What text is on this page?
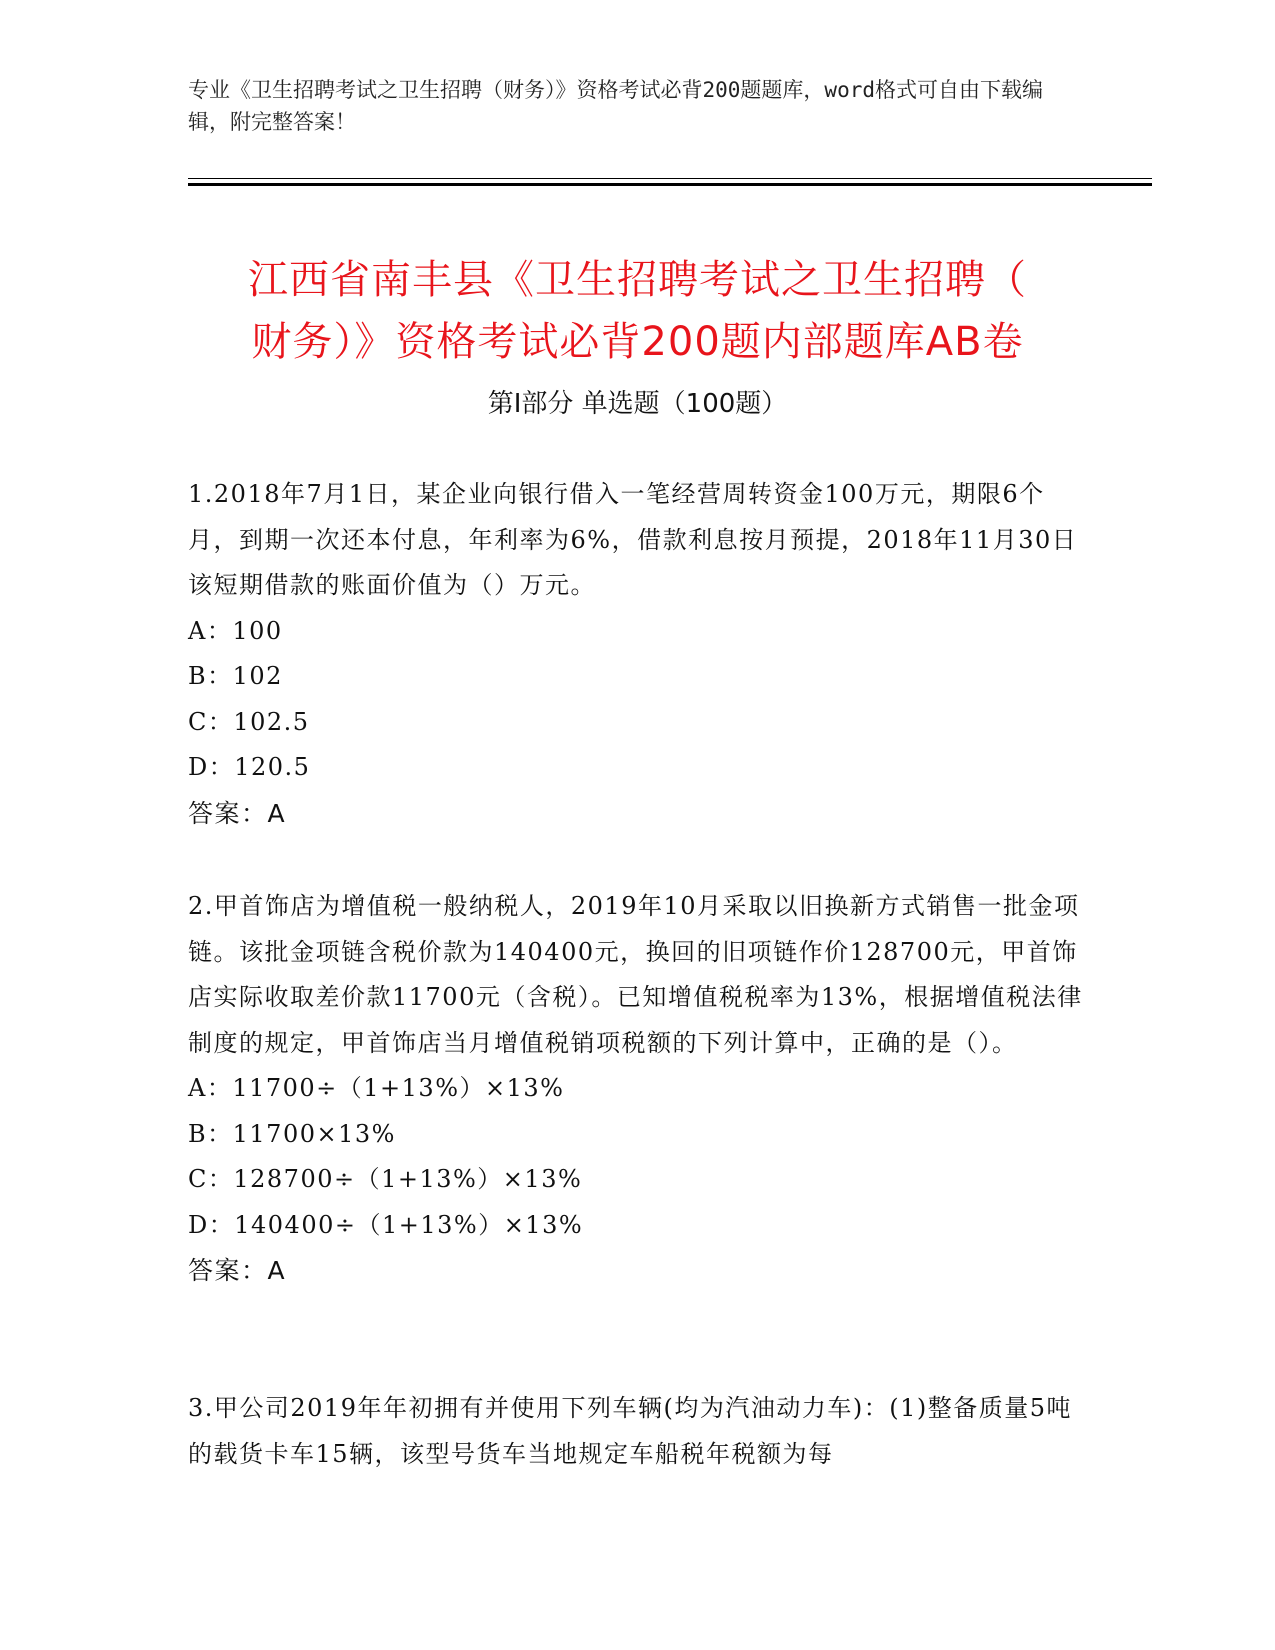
专业《卫生招聘考试之卫生招聘（财务）》资格考试必背200题题库，word格式可自由下载编辑，附完整答案！
江西省南丰县《卫生招聘考试之卫生招聘（
财务）》资格考试必背200题内部题库AB卷
第Ⅰ部分 单选题（100题）
1.2018年7月1日，某企业向银行借入一笔经营周转资金100万元，期限6个月，到期一次还本付息，年利率为6%，借款利息按月预提，2018年11月30日该短期借款的账面价值为（）万元。
A：100
B：102
C：102.5
D：120.5
答案：A
2.甲首饰店为增值税一般纳税人，2019年10月采取以旧换新方式销售一批金项链。该批金项链含税价款为140400元，换回的旧项链作价128700元，甲首饰店实际收取差价款11700元（含税）。已知增值税税率为13%，根据增值税法律制度的规定，甲首饰店当月增值税销项税额的下列计算中，正确的是（）。
A：11700÷（1+13%）×13%
B：11700×13%
C：128700÷（1+13%）×13%
D：140400÷（1+13%）×13%
答案：A
3.甲公司2019年年初拥有并使用下列车辆(均为汽油动力车)：(1)整备质量5吨的载货卡车15辆，该型号货车当地规定车船税年税额为每
